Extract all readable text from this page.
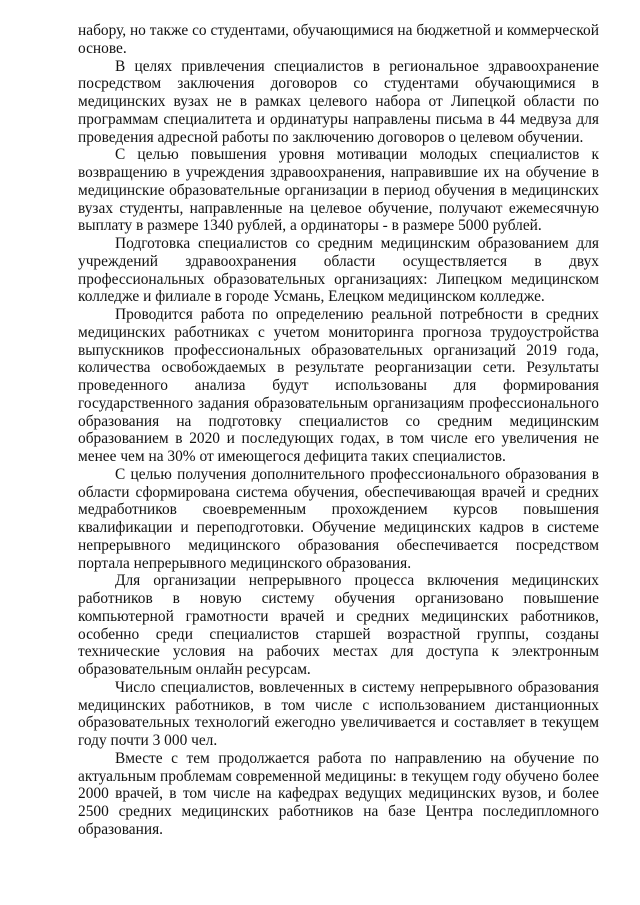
набору, но также со студентами, обучающимися на бюджетной и коммерческой основе.

В целях привлечения специалистов в региональное здравоохранение посредством заключения договоров со студентами обучающимися в медицинских вузах не в рамках целевого набора от Липецкой области по программам специалитета и ординатуры направлены письма в 44 медвуза для проведения адресной работы по заключению договоров о целевом обучении.

С целью повышения уровня мотивации молодых специалистов к возвращению в учреждения здравоохранения, направившие их на обучение в медицинские образовательные организации в период обучения в медицинских вузах студенты, направленные на целевое обучение, получают ежемесячную выплату в размере 1340 рублей, а ординаторы - в размере 5000 рублей.

Подготовка специалистов со средним медицинским образованием для учреждений здравоохранения области осуществляется в двух профессиональных образовательных организациях: Липецком медицинском колледже и филиале в городе Усмань, Елецком медицинском колледже.

Проводится работа по определению реальной потребности в средних медицинских работниках с учетом мониторинга прогноза трудоустройства выпускников профессиональных образовательных организаций 2019 года, количества освобождаемых в результате реорганизации сети. Результаты проведенного анализа будут использованы для формирования государственного задания образовательным организациям профессионального образования на подготовку специалистов со средним медицинским образованием в 2020 и последующих годах, в том числе его увеличения не менее чем на 30% от имеющегося дефицита таких специалистов.

С целью получения дополнительного профессионального образования в области сформирована система обучения, обеспечивающая врачей и средних медработников своевременным прохождением курсов повышения квалификации и переподготовки. Обучение медицинских кадров в системе непрерывного медицинского образования обеспечивается посредством портала непрерывного медицинского образования.

Для организации непрерывного процесса включения медицинских работников в новую систему обучения организовано повышение компьютерной грамотности врачей и средних медицинских работников, особенно среди специалистов старшей возрастной группы, созданы технические условия на рабочих местах для доступа к электронным образовательным онлайн ресурсам.

Число специалистов, вовлеченных в систему непрерывного образования медицинских работников, в том числе с использованием дистанционных образовательных технологий ежегодно увеличивается и составляет в текущем году почти 3 000 чел.

Вместе с тем продолжается работа по направлению на обучение по актуальным проблемам современной медицины: в текущем году обучено более 2000 врачей, в том числе на кафедрах ведущих медицинских вузов, и более 2500 средних медицинских работников на базе Центра последипломного образования.
